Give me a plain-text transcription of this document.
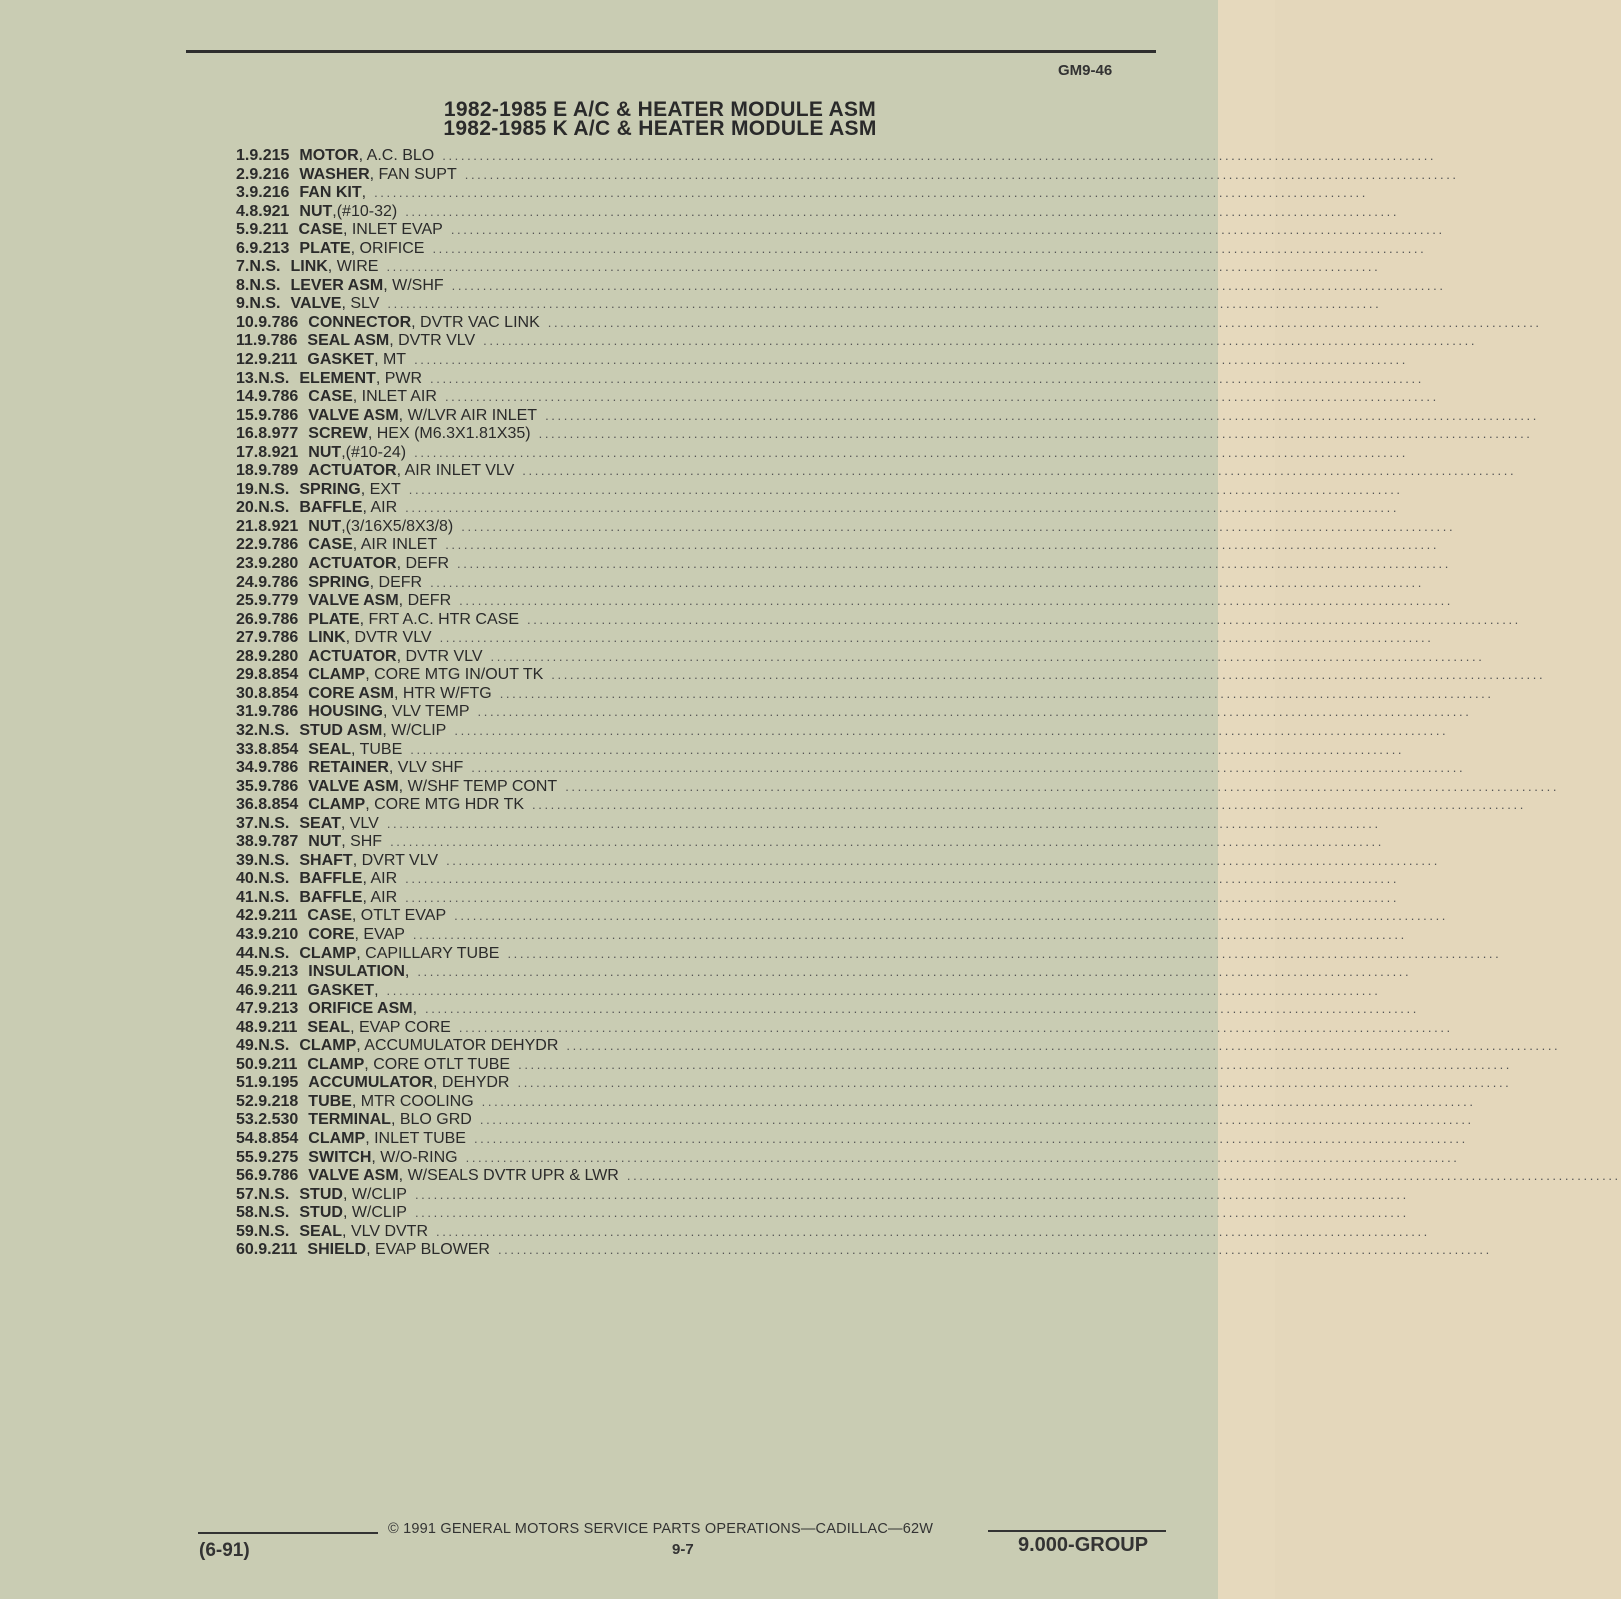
GM9-46
1982-1985 E A/C & HEATER MODULE ASM
1982-1985 K A/C & HEATER MODULE ASM
1. 9.215 MOTOR , A.C. BLO ................................................................................................................................................................
2. 9.216 WASHER , FAN SUPT ................................................................................................................................................................
3. 9.216 FAN KIT , ................................................................................................................................................................
4. 8.921 NUT ,(#10-32) ................................................................................................................................................................
5. 9.211 CASE , INLET EVAP ................................................................................................................................................................
6. 9.213 PLATE , ORIFICE ................................................................................................................................................................
7. N.S. LINK , WIRE ................................................................................................................................................................
8. N.S. LEVER ASM , W/SHF ................................................................................................................................................................
9. N.S. VALVE , SLV ................................................................................................................................................................
10. 9.786 CONNECTOR , DVTR VAC LINK ................................................................................................................................................................
11. 9.786 SEAL ASM , DVTR VLV ................................................................................................................................................................
12. 9.211 GASKET , MT ................................................................................................................................................................
13. N.S. ELEMENT , PWR ................................................................................................................................................................
14. 9.786 CASE , INLET AIR ................................................................................................................................................................
15. 9.786 VALVE ASM , W/LVR AIR INLET ................................................................................................................................................................
16. 8.977 SCREW , HEX (M6.3X1.81X35) ................................................................................................................................................................
17. 8.921 NUT ,(#10-24) ................................................................................................................................................................
18. 9.789 ACTUATOR , AIR INLET VLV ................................................................................................................................................................
19. N.S. SPRING , EXT ................................................................................................................................................................
20. N.S. BAFFLE , AIR ................................................................................................................................................................
21. 8.921 NUT ,(3/16X5/8X3/8) ................................................................................................................................................................
22. 9.786 CASE , AIR INLET ................................................................................................................................................................
23. 9.280 ACTUATOR , DEFR ................................................................................................................................................................
24. 9.786 SPRING , DEFR ................................................................................................................................................................
25. 9.779 VALVE ASM , DEFR ................................................................................................................................................................
26. 9.786 PLATE , FRT A.C. HTR CASE ................................................................................................................................................................
27. 9.786 LINK , DVTR VLV ................................................................................................................................................................
28. 9.280 ACTUATOR , DVTR VLV ................................................................................................................................................................
29. 8.854 CLAMP , CORE MTG IN/OUT TK ................................................................................................................................................................
30. 8.854 CORE ASM , HTR W/FTG ................................................................................................................................................................
31. 9.786 HOUSING , VLV TEMP ................................................................................................................................................................
32. N.S. STUD ASM , W/CLIP ................................................................................................................................................................
33. 8.854 SEAL , TUBE ................................................................................................................................................................
34. 9.786 RETAINER , VLV SHF ................................................................................................................................................................
35. 9.786 VALVE ASM , W/SHF TEMP CONT ................................................................................................................................................................
36. 8.854 CLAMP , CORE MTG HDR TK ................................................................................................................................................................
37. N.S. SEAT , VLV ................................................................................................................................................................
38. 9.787 NUT , SHF ................................................................................................................................................................
39. N.S. SHAFT , DVRT VLV ................................................................................................................................................................
40. N.S. BAFFLE , AIR ................................................................................................................................................................
41. N.S. BAFFLE , AIR ................................................................................................................................................................
42. 9.211 CASE , OTLT EVAP ................................................................................................................................................................
43. 9.210 CORE , EVAP ................................................................................................................................................................
44. N.S. CLAMP , CAPILLARY TUBE ................................................................................................................................................................
45. 9.213 INSULATION , ................................................................................................................................................................
46. 9.211 GASKET , ................................................................................................................................................................
47. 9.213 ORIFICE ASM , ................................................................................................................................................................
48. 9.211 SEAL , EVAP CORE ................................................................................................................................................................
49. N.S. CLAMP , ACCUMULATOR DEHYDR ................................................................................................................................................................
50. 9.211 CLAMP , CORE OTLT TUBE ................................................................................................................................................................
51. 9.195 ACCUMULATOR , DEHYDR ................................................................................................................................................................
52. 9.218 TUBE , MTR COOLING ................................................................................................................................................................
53. 2.530 TERMINAL , BLO GRD ................................................................................................................................................................
54. 8.854 CLAMP , INLET TUBE ................................................................................................................................................................
55. 9.275 SWITCH , W/O-RING ................................................................................................................................................................
56. 9.786 VALVE ASM , W/SEALS DVTR UPR & LWR ................................................................................................................................................................
57. N.S. STUD , W/CLIP ................................................................................................................................................................
58. N.S. STUD , W/CLIP ................................................................................................................................................................
59. N.S. SEAL , VLV DVTR ................................................................................................................................................................
60. 9.211 SHIELD , EVAP BLOWER ................................................................................................................................................................
© 1991 GENERAL MOTORS SERVICE PARTS OPERATIONS—CADILLAC—62W
(6-91)	9-7	9.000-GROUP
